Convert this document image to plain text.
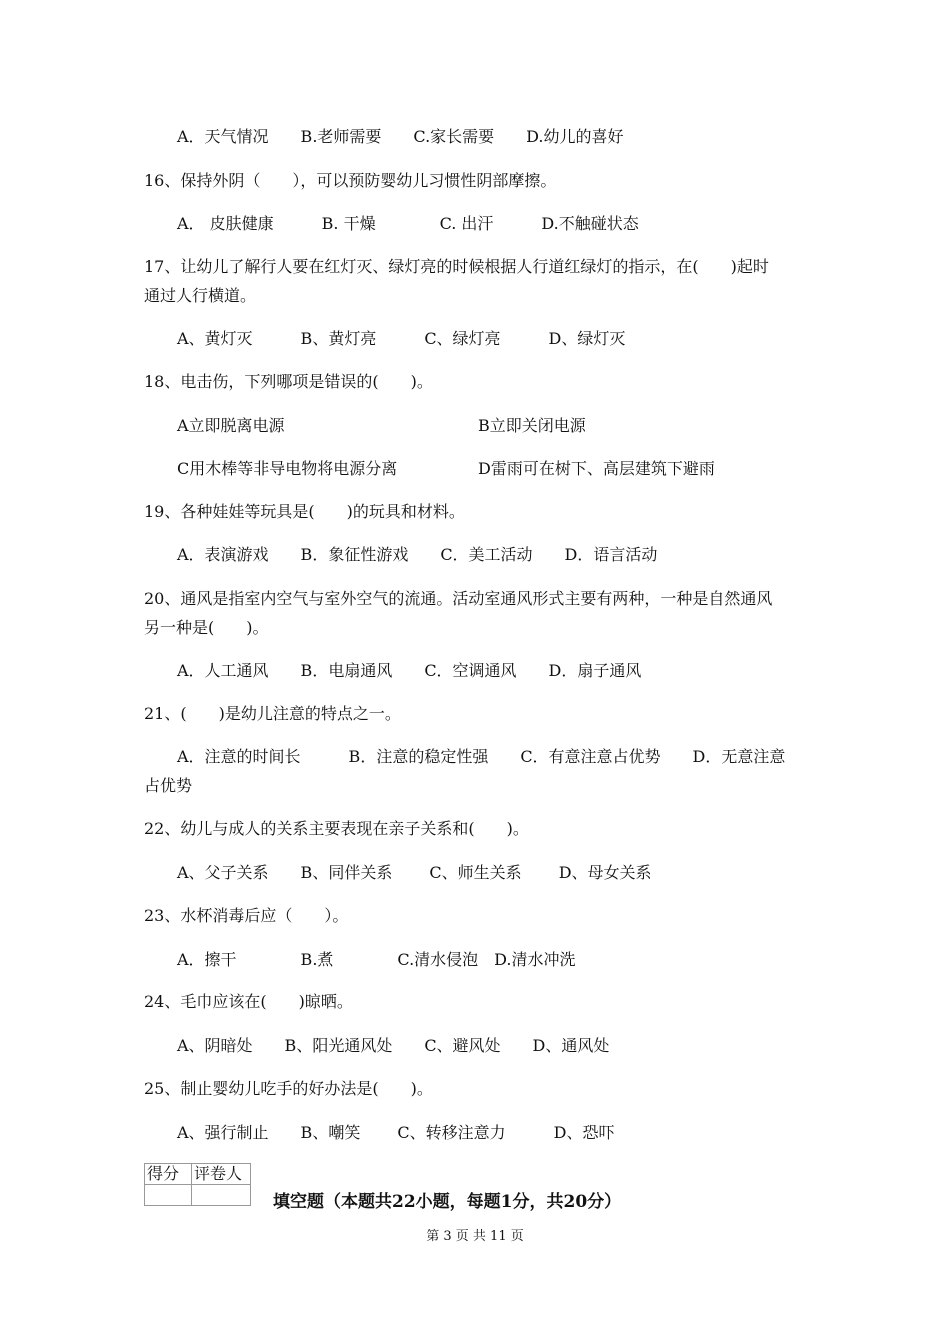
A．天气情况　　B.老师需要　　C.家长需要　　D.幼儿的喜好
16、保持外阴（　　），可以预防婴幼儿习惯性阴部摩擦。
A． 皮肤健康　　　B. 干燥　　　　C. 出汗　　　D.不触碰状态
17、让幼儿了解行人要在红灯灭、绿灯亮的时候根据人行道红绿灯的指示，在(　　)起时
通过人行横道。
A、黄灯灭　　　B、黄灯亮　　　C、绿灯亮　　　D、绿灯灭
18、电击伤，下列哪项是错误的(　　)。
A立即脱离电源	B立即关闭电源
C用木棒等非导电物将电源分离	D雷雨可在树下、高层建筑下避雨
19、各种娃娃等玩具是(　　)的玩具和材料。
A．表演游戏　　B．象征性游戏　　C．美工活动　　D．语言活动
20、通风是指室内空气与室外空气的流通。活动室通风形式主要有两种，一种是自然通风
另一种是(　　)。
A．人工通风　　B．电扇通风　　C．空调通风　　D．扇子通风
21、(　　)是幼儿注意的特点之一。
A．注意的时间长　　　B．注意的稳定性强　　C．有意注意占优势　　D．无意注意
占优势
22、幼儿与成人的关系主要表现在亲子关系和(　　)。
A、父子关系　　B、同伴关系　　 C、师生关系　　 D、母女关系
23、水杯消毒后应（　　）。
A．擦干　　　　B.煮　　　　C.清水侵泡　D.清水冲洗
24、毛巾应该在(　　)晾晒。
A、阴暗处　　B、阳光通风处　　C、避风处　　D、通风处
25、制止婴幼儿吃手的好办法是(　　)。
A、强行制止　　B、嘲笑　　 C、转移注意力　　　D、恐吓
得分	评卷人

填空题（本题共22小题，每题1分，共20分）
第 3 页 共 11 页
